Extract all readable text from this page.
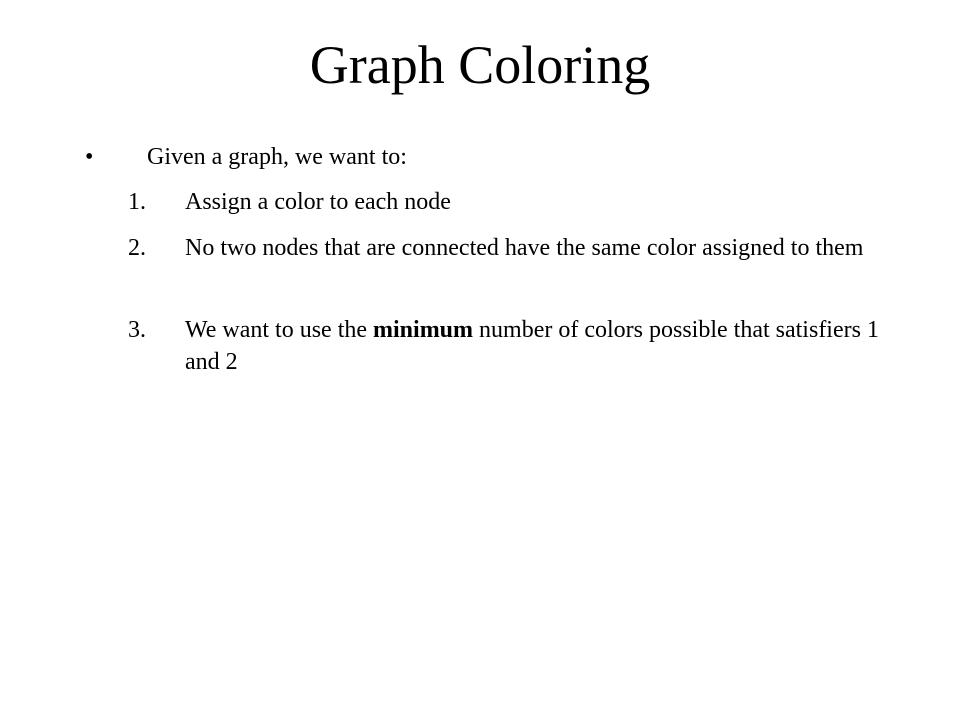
Graph Coloring
• Given a graph, we want to:
1.	Assign a color to each node
2.	No two nodes that are connected have the same color assigned to them
3.	We want to use the minimum number of colors possible that satisfiers 1 and 2
